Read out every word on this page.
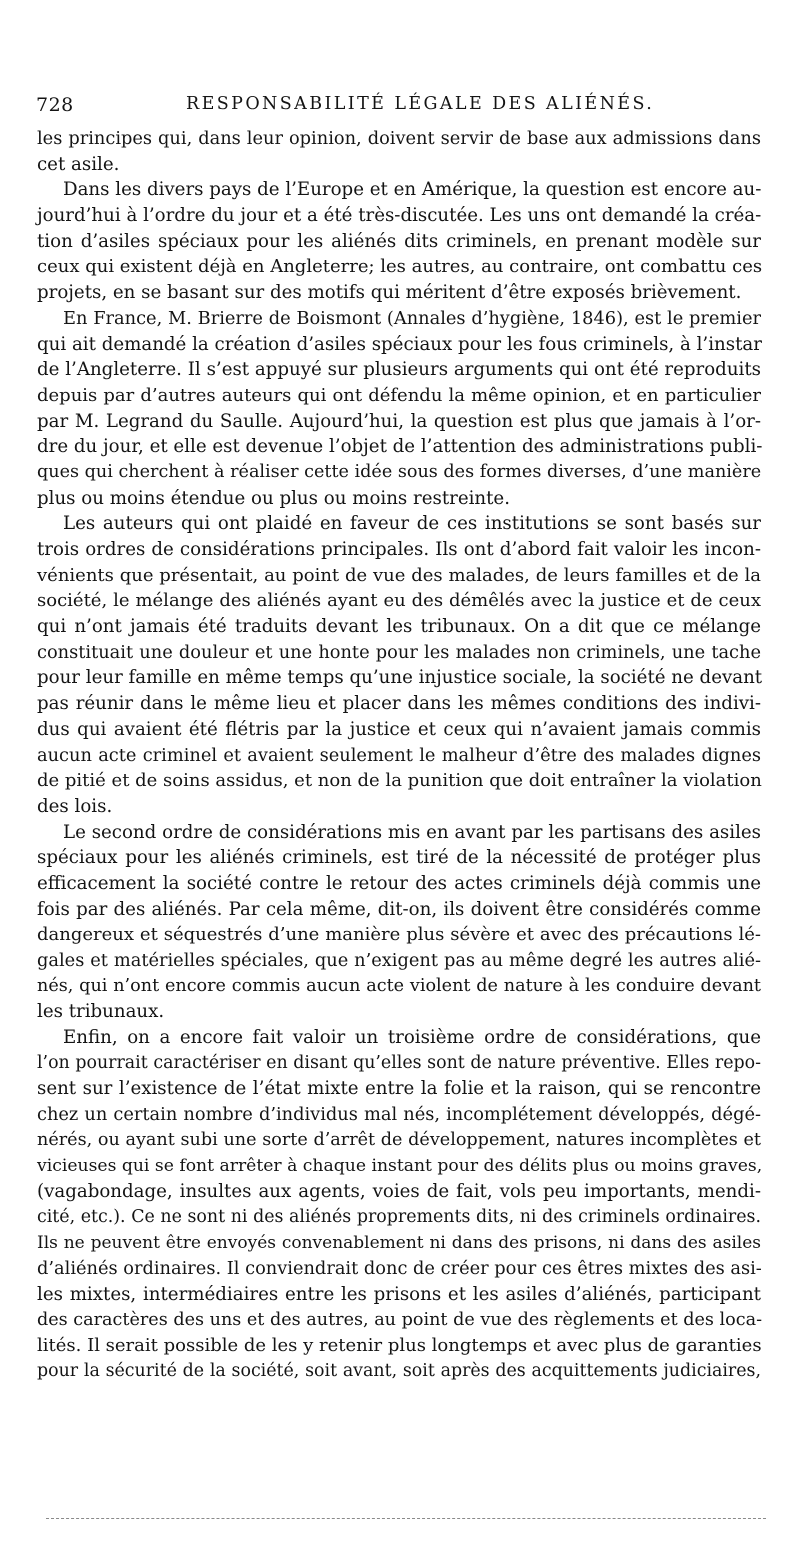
728	RESPONSABILITÉ LÉGALE DES ALIÉNÉS.
les principes qui, dans leur opinion, doivent servir de base aux admissions dans
cet asile.
Dans les divers pays de l’Europe et en Amérique, la question est encore au-
jourd’hui à l’ordre du jour et a été très-discutée. Les uns ont demandé la créa-
tion d’asiles spéciaux pour les aliénés dits criminels, en prenant modèle sur
ceux qui existent déjà en Angleterre; les autres, au contraire, ont combattu ces
projets, en se basant sur des motifs qui méritent d’être exposés brièvement.
En France, M. Brierre de Boismont (Annales d’hygiène, 1846), est le premier
qui ait demandé la création d’asiles spéciaux pour les fous criminels, à l’instar
de l’Angleterre. Il s’est appuyé sur plusieurs arguments qui ont été reproduits
depuis par d’autres auteurs qui ont défendu la même opinion, et en particulier
par M. Legrand du Saulle. Aujourd’hui, la question est plus que jamais à l’or-
dre du jour, et elle est devenue l’objet de l’attention des administrations publi-
ques qui cherchent à réaliser cette idée sous des formes diverses, d’une manière
plus ou moins étendue ou plus ou moins restreinte.
Les auteurs qui ont plaidé en faveur de ces institutions se sont basés sur
trois ordres de considérations principales. Ils ont d’abord fait valoir les incon-
vénients que présentait, au point de vue des malades, de leurs familles et de la
société, le mélange des aliénés ayant eu des démêlés avec la justice et de ceux
qui n’ont jamais été traduits devant les tribunaux. On a dit que ce mélange
constituait une douleur et une honte pour les malades non criminels, une tache
pour leur famille en même temps qu’une injustice sociale, la société ne devant
pas réunir dans le même lieu et placer dans les mêmes conditions des indivi-
dus qui avaient été flétris par la justice et ceux qui n’avaient jamais commis
aucun acte criminel et avaient seulement le malheur d’être des malades dignes
de pitié et de soins assidus, et non de la punition que doit entraîner la violation
des lois.
Le second ordre de considérations mis en avant par les partisans des asiles
spéciaux pour les aliénés criminels, est tiré de la nécessité de protéger plus
efficacement la société contre le retour des actes criminels déjà commis une
fois par des aliénés. Par cela même, dit-on, ils doivent être considérés comme
dangereux et séquestrés d’une manière plus sévère et avec des précautions lé-
gales et matérielles spéciales, que n’exigent pas au même degré les autres alié-
nés, qui n’ont encore commis aucun acte violent de nature à les conduire devant
les tribunaux.
Enfin, on a encore fait valoir un troisième ordre de considérations, que
l’on pourrait caractériser en disant qu’elles sont de nature préventive. Elles repo-
sent sur l’existence de l’état mixte entre la folie et la raison, qui se rencontre
chez un certain nombre d’individus mal nés, incomplétement développés, dégé-
nérés, ou ayant subi une sorte d’arrêt de développement, natures incomplètes et
vicieuses qui se font arrêter à chaque instant pour des délits plus ou moins graves,
(vagabondage, insultes aux agents, voies de fait, vols peu importants, mendi-
cité, etc.). Ce ne sont ni des aliénés proprements dits, ni des criminels ordinaires.
Ils ne peuvent être envoyés convenablement ni dans des prisons, ni dans des asiles
d’aliénés ordinaires. Il conviendrait donc de créer pour ces êtres mixtes des asi-
les mixtes, intermédiaires entre les prisons et les asiles d’aliénés, participant
des caractères des uns et des autres, au point de vue des règlements et des loca-
lités. Il serait possible de les y retenir plus longtemps et avec plus de garanties
pour la sécurité de la société, soit avant, soit après des acquittements judiciaires,
